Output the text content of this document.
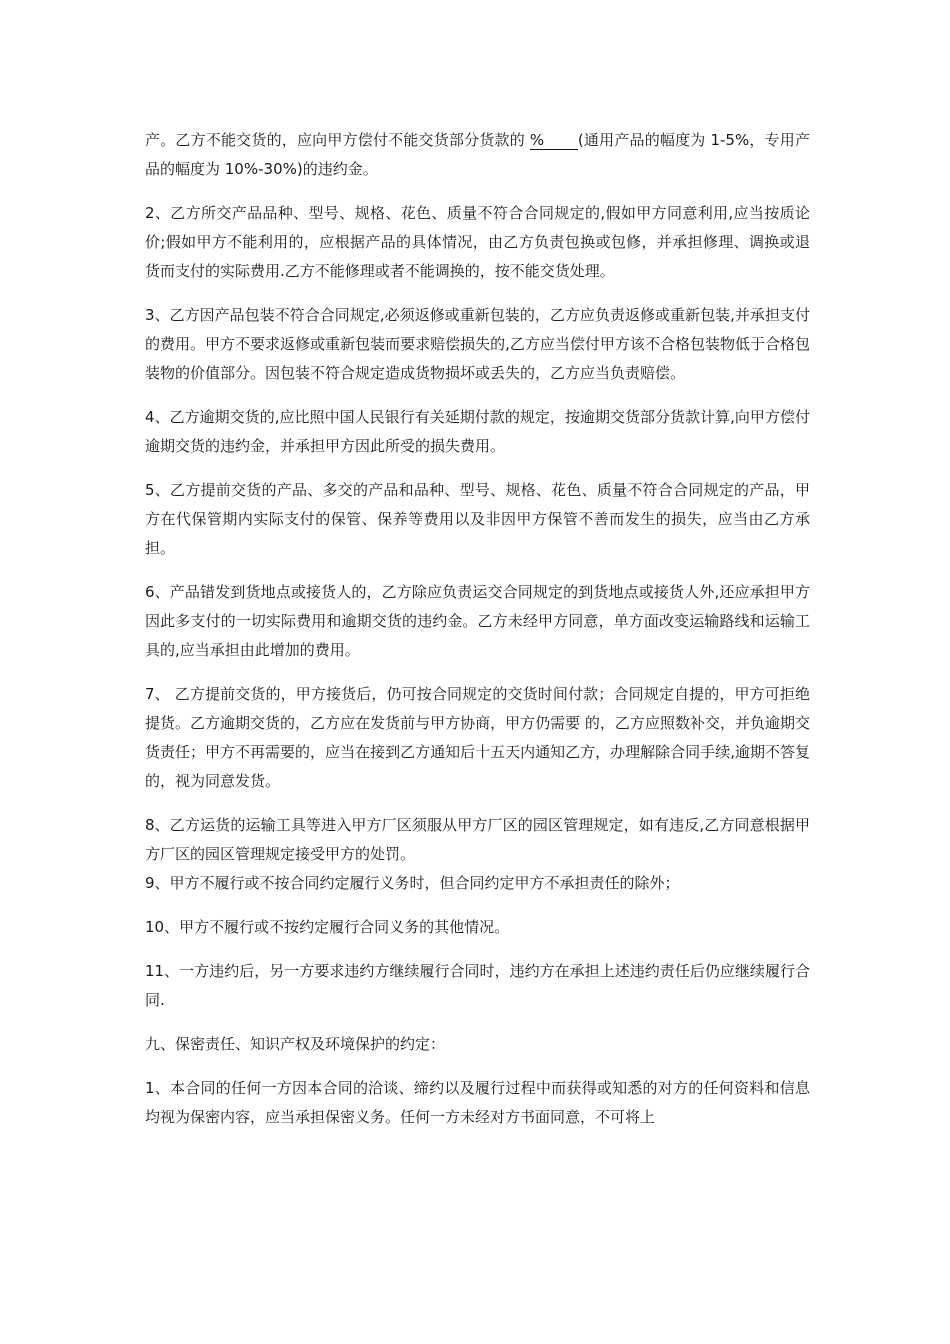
产。乙方不能交货的，应向甲方偿付不能交货部分货款的 % (通用产品的幅度为 1-5%，专用产品的幅度为 10%-30%)的违约金。

2、乙方所交产品品种、型号、规格、花色、质量不符合合同规定的,假如甲方同意利用,应当按质论价;假如甲方不能利用的，应根据产品的具体情况，由乙方负责包换或包修，并承担修理、调换或退货而支付的实际费用.乙方不能修理或者不能调换的，按不能交货处理。

3、乙方因产品包装不符合合同规定,必须返修或重新包装的，乙方应负责返修或重新包装,并承担支付的费用。甲方不要求返修或重新包装而要求赔偿损失的,乙方应当偿付甲方该不合格包装物低于合格包装物的价值部分。因包装不符合规定造成货物损坏或丢失的，乙方应当负责赔偿。

4、乙方逾期交货的,应比照中国人民银行有关延期付款的规定，按逾期交货部分货款计算,向甲方偿付逾期交货的违约金，并承担甲方因此所受的损失费用。

5、乙方提前交货的产品、多交的产品和品种、型号、规格、花色、质量不符合合同规定的产品，甲方在代保管期内实际支付的保管、保养等费用以及非因甲方保管不善而发生的损失，应当由乙方承担。

6、产品错发到货地点或接货人的，乙方除应负责运交合同规定的到货地点或接货人外,还应承担甲方因此多支付的一切实际费用和逾期交货的违约金。乙方未经甲方同意，单方面改变运输路线和运输工具的,应当承担由此增加的费用。

7、 乙方提前交货的，甲方接货后，仍可按合同规定的交货时间付款；合同规定自提的，甲方可拒绝提货。乙方逾期交货的，乙方应在发货前与甲方协商，甲方仍需要 的，乙方应照数补交，并负逾期交货责任；甲方不再需要的，应当在接到乙方通知后十五天内通知乙方，办理解除合同手续,逾期不答复的，视为同意发货。

8、乙方运货的运输工具等进入甲方厂区须服从甲方厂区的园区管理规定，如有违反,乙方同意根据甲方厂区的园区管理规定接受甲方的处罚。

9、甲方不履行或不按合同约定履行义务时，但合同约定甲方不承担责任的除外；

10、甲方不履行或不按约定履行合同义务的其他情况。

11、一方违约后，另一方要求违约方继续履行合同时，违约方在承担上述违约责任后仍应继续履行合同.

九、保密责任、知识产权及环境保护的约定：

1、本合同的任何一方因本合同的洽谈、缔约以及履行过程中而获得或知悉的对方的任何资料和信息均视为保密内容，应当承担保密义务。任何一方未经对方书面同意，不可将上
